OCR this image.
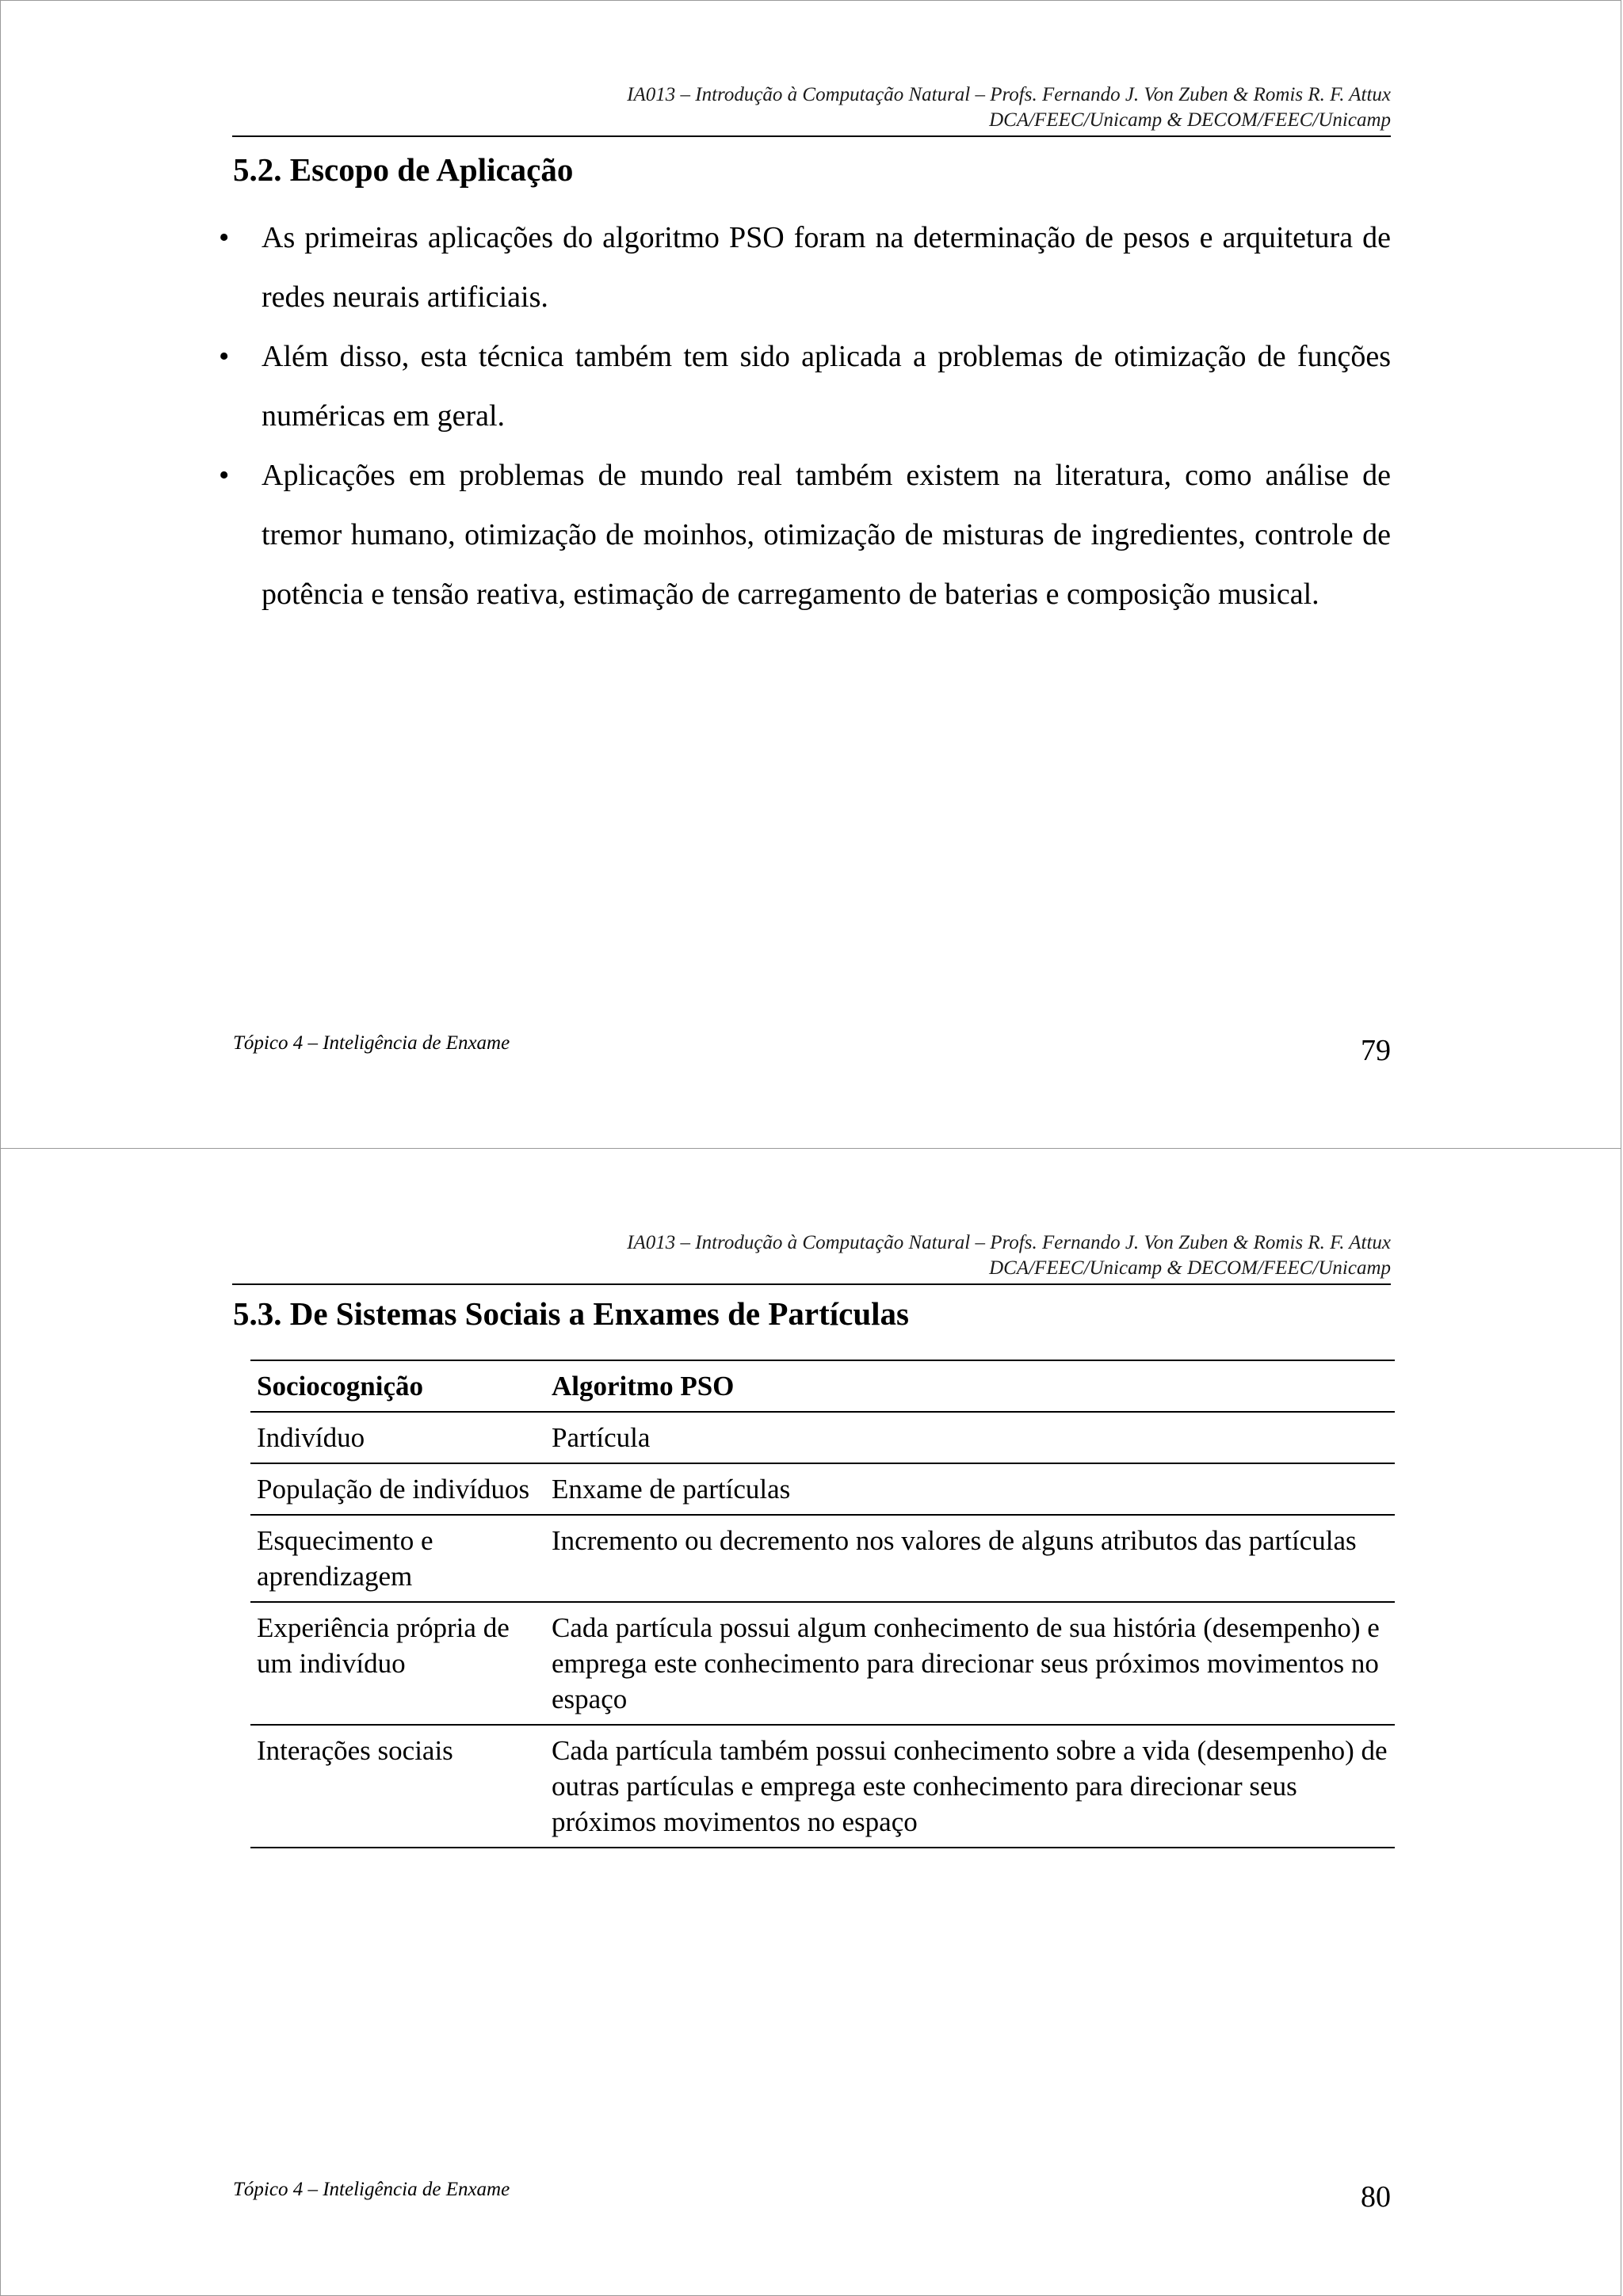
IA013 – Introdução à Computação Natural – Profs. Fernando J. Von Zuben & Romis R. F. Attux
DCA/FEEC/Unicamp & DECOM/FEEC/Unicamp
5.2. Escopo de Aplicação
• As primeiras aplicações do algoritmo PSO foram na determinação de pesos e arquitetura de redes neurais artificiais.
• Além disso, esta técnica também tem sido aplicada a problemas de otimização de funções numéricas em geral.
• Aplicações em problemas de mundo real também existem na literatura, como análise de tremor humano, otimização de moinhos, otimização de misturas de ingredientes, controle de potência e tensão reativa, estimação de carregamento de baterias e composição musical.
Tópico 4 – Inteligência de Enxame	79
IA013 – Introdução à Computação Natural – Profs. Fernando J. Von Zuben & Romis R. F. Attux
DCA/FEEC/Unicamp & DECOM/FEEC/Unicamp
5.3. De Sistemas Sociais a Enxames de Partículas
Sociocognição	Algoritmo PSO
Indivíduo	Partícula
População de indivíduos	Enxame de partículas
Esquecimento e aprendizagem	Incremento ou decremento nos valores de alguns atributos das partículas
Experiência própria de um indivíduo	Cada partícula possui algum conhecimento de sua história (desempenho) e emprega este conhecimento para direcionar seus próximos movimentos no espaço
Interações sociais	Cada partícula também possui conhecimento sobre a vida (desempenho) de outras partículas e emprega este conhecimento para direcionar seus próximos movimentos no espaço
Tópico 4 – Inteligência de Enxame	80
